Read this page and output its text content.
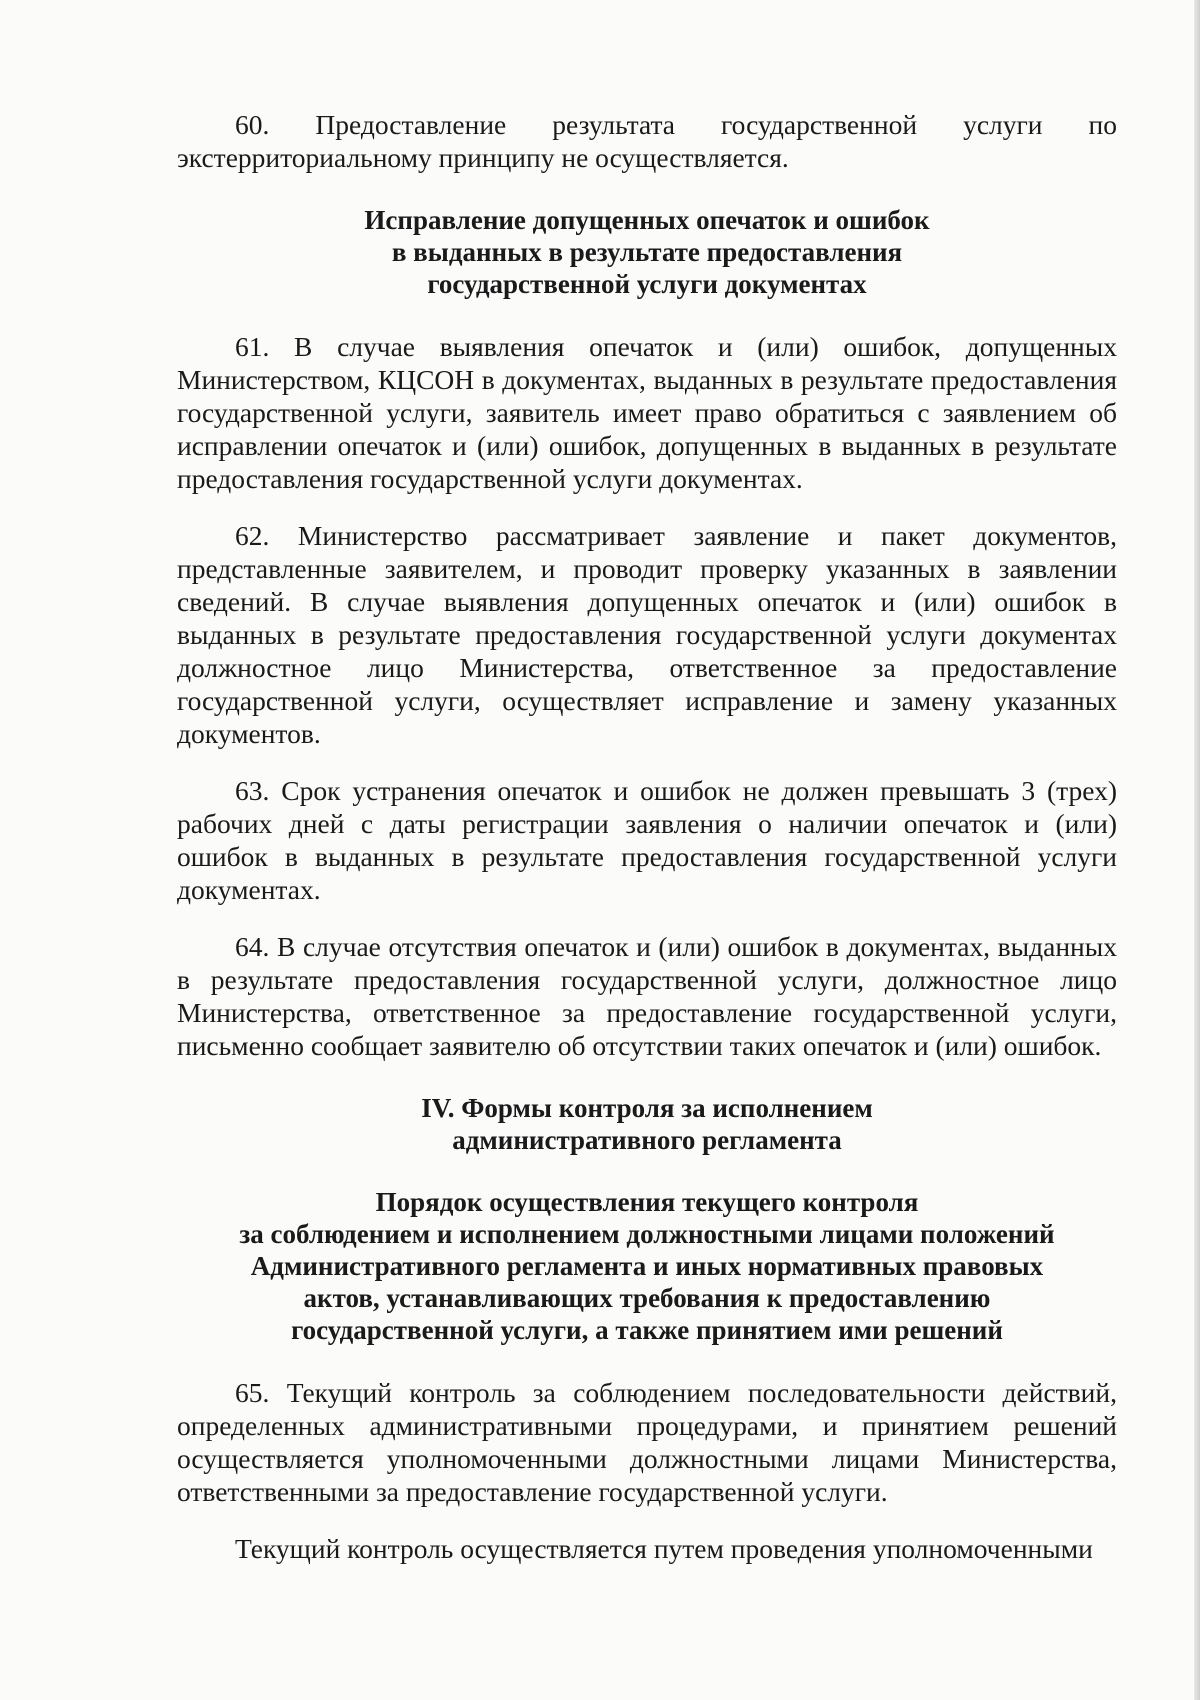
60. Предоставление результата государственной услуги по экстерриториальному принципу не осуществляется.

Исправление допущенных опечаток и ошибок
в выданных в результате предоставления
государственной услуги документах

61. В случае выявления опечаток и (или) ошибок, допущенных Министерством, КЦСОН в документах, выданных в результате предоставления государственной услуги, заявитель имеет право обратиться с заявлением об исправлении опечаток и (или) ошибок, допущенных в выданных в результате предоставления государственной услуги документах.

62. Министерство рассматривает заявление и пакет документов, представленные заявителем, и проводит проверку указанных в заявлении сведений. В случае выявления допущенных опечаток и (или) ошибок в выданных в результате предоставления государственной услуги документах должностное лицо Министерства, ответственное за предоставление государственной услуги, осуществляет исправление и замену указанных документов.

63. Срок устранения опечаток и ошибок не должен превышать 3 (трех) рабочих дней с даты регистрации заявления о наличии опечаток и (или) ошибок в выданных в результате предоставления государственной услуги документах.

64. В случае отсутствия опечаток и (или) ошибок в документах, выданных в результате предоставления государственной услуги, должностное лицо Министерства, ответственное за предоставление государственной услуги, письменно сообщает заявителю об отсутствии таких опечаток и (или) ошибок.

IV. Формы контроля за исполнением
административного регламента
Порядок осуществления текущего контроля
за соблюдением и исполнением должностными лицами положений
Административного регламента и иных нормативных правовых
актов, устанавливающих требования к предоставлению
государственной услуги, а также принятием ими решений

65. Текущий контроль за соблюдением последовательности действий, определенных административными процедурами, и принятием решений осуществляется уполномоченными должностными лицами Министерства, ответственными за предоставление государственной услуги.

Текущий контроль осуществляется путем проведения уполномоченными
